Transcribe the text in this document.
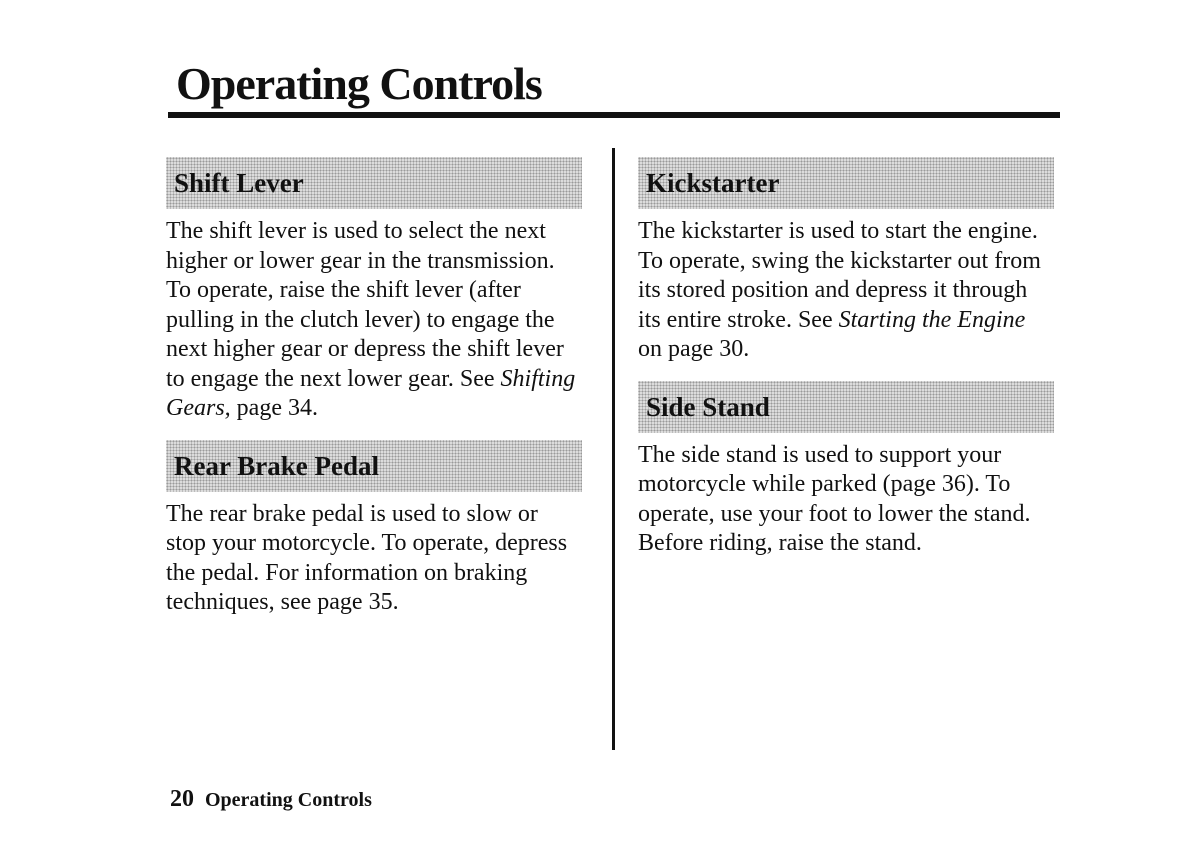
Operating Controls
Shift Lever

The shift lever is used to select the next higher or lower gear in the transmission. To operate, raise the shift lever (after pulling in the clutch lever) to engage the next higher gear or depress the shift lever to engage the next lower gear. See Shifting Gears, page 34.

Rear Brake Pedal

The rear brake pedal is used to slow or stop your motorcycle. To operate, depress the pedal. For information on braking techniques, see page 35.

Kickstarter

The kickstarter is used to start the engine. To operate, swing the kickstarter out from its stored position and depress it through its entire stroke. See Starting the Engine on page 30.

Side Stand

The side stand is used to support your motorcycle while parked (page 36). To operate, use your foot to lower the stand. Before riding, raise the stand.

20 Operating Controls
